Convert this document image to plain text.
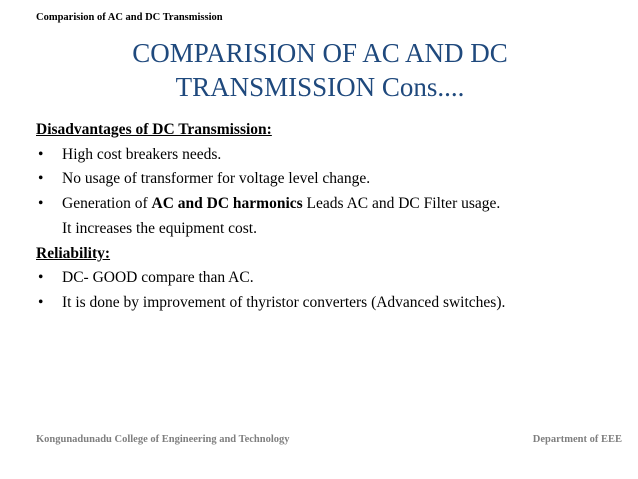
Comparision of AC and DC Transmission
COMPARISION OF AC AND DC
TRANSMISSION Cons....
Disadvantages of DC Transmission:
• High cost breakers needs.
• No usage of transformer for voltage level change.
• Generation of AC and DC harmonics Leads AC and DC Filter usage.
It increases the equipment cost.
Reliability:
• DC- GOOD compare than AC.
• It is done by improvement of thyristor converters (Advanced switches).
Kongunadunadu College of Engineering and Technology	Department of EEE
